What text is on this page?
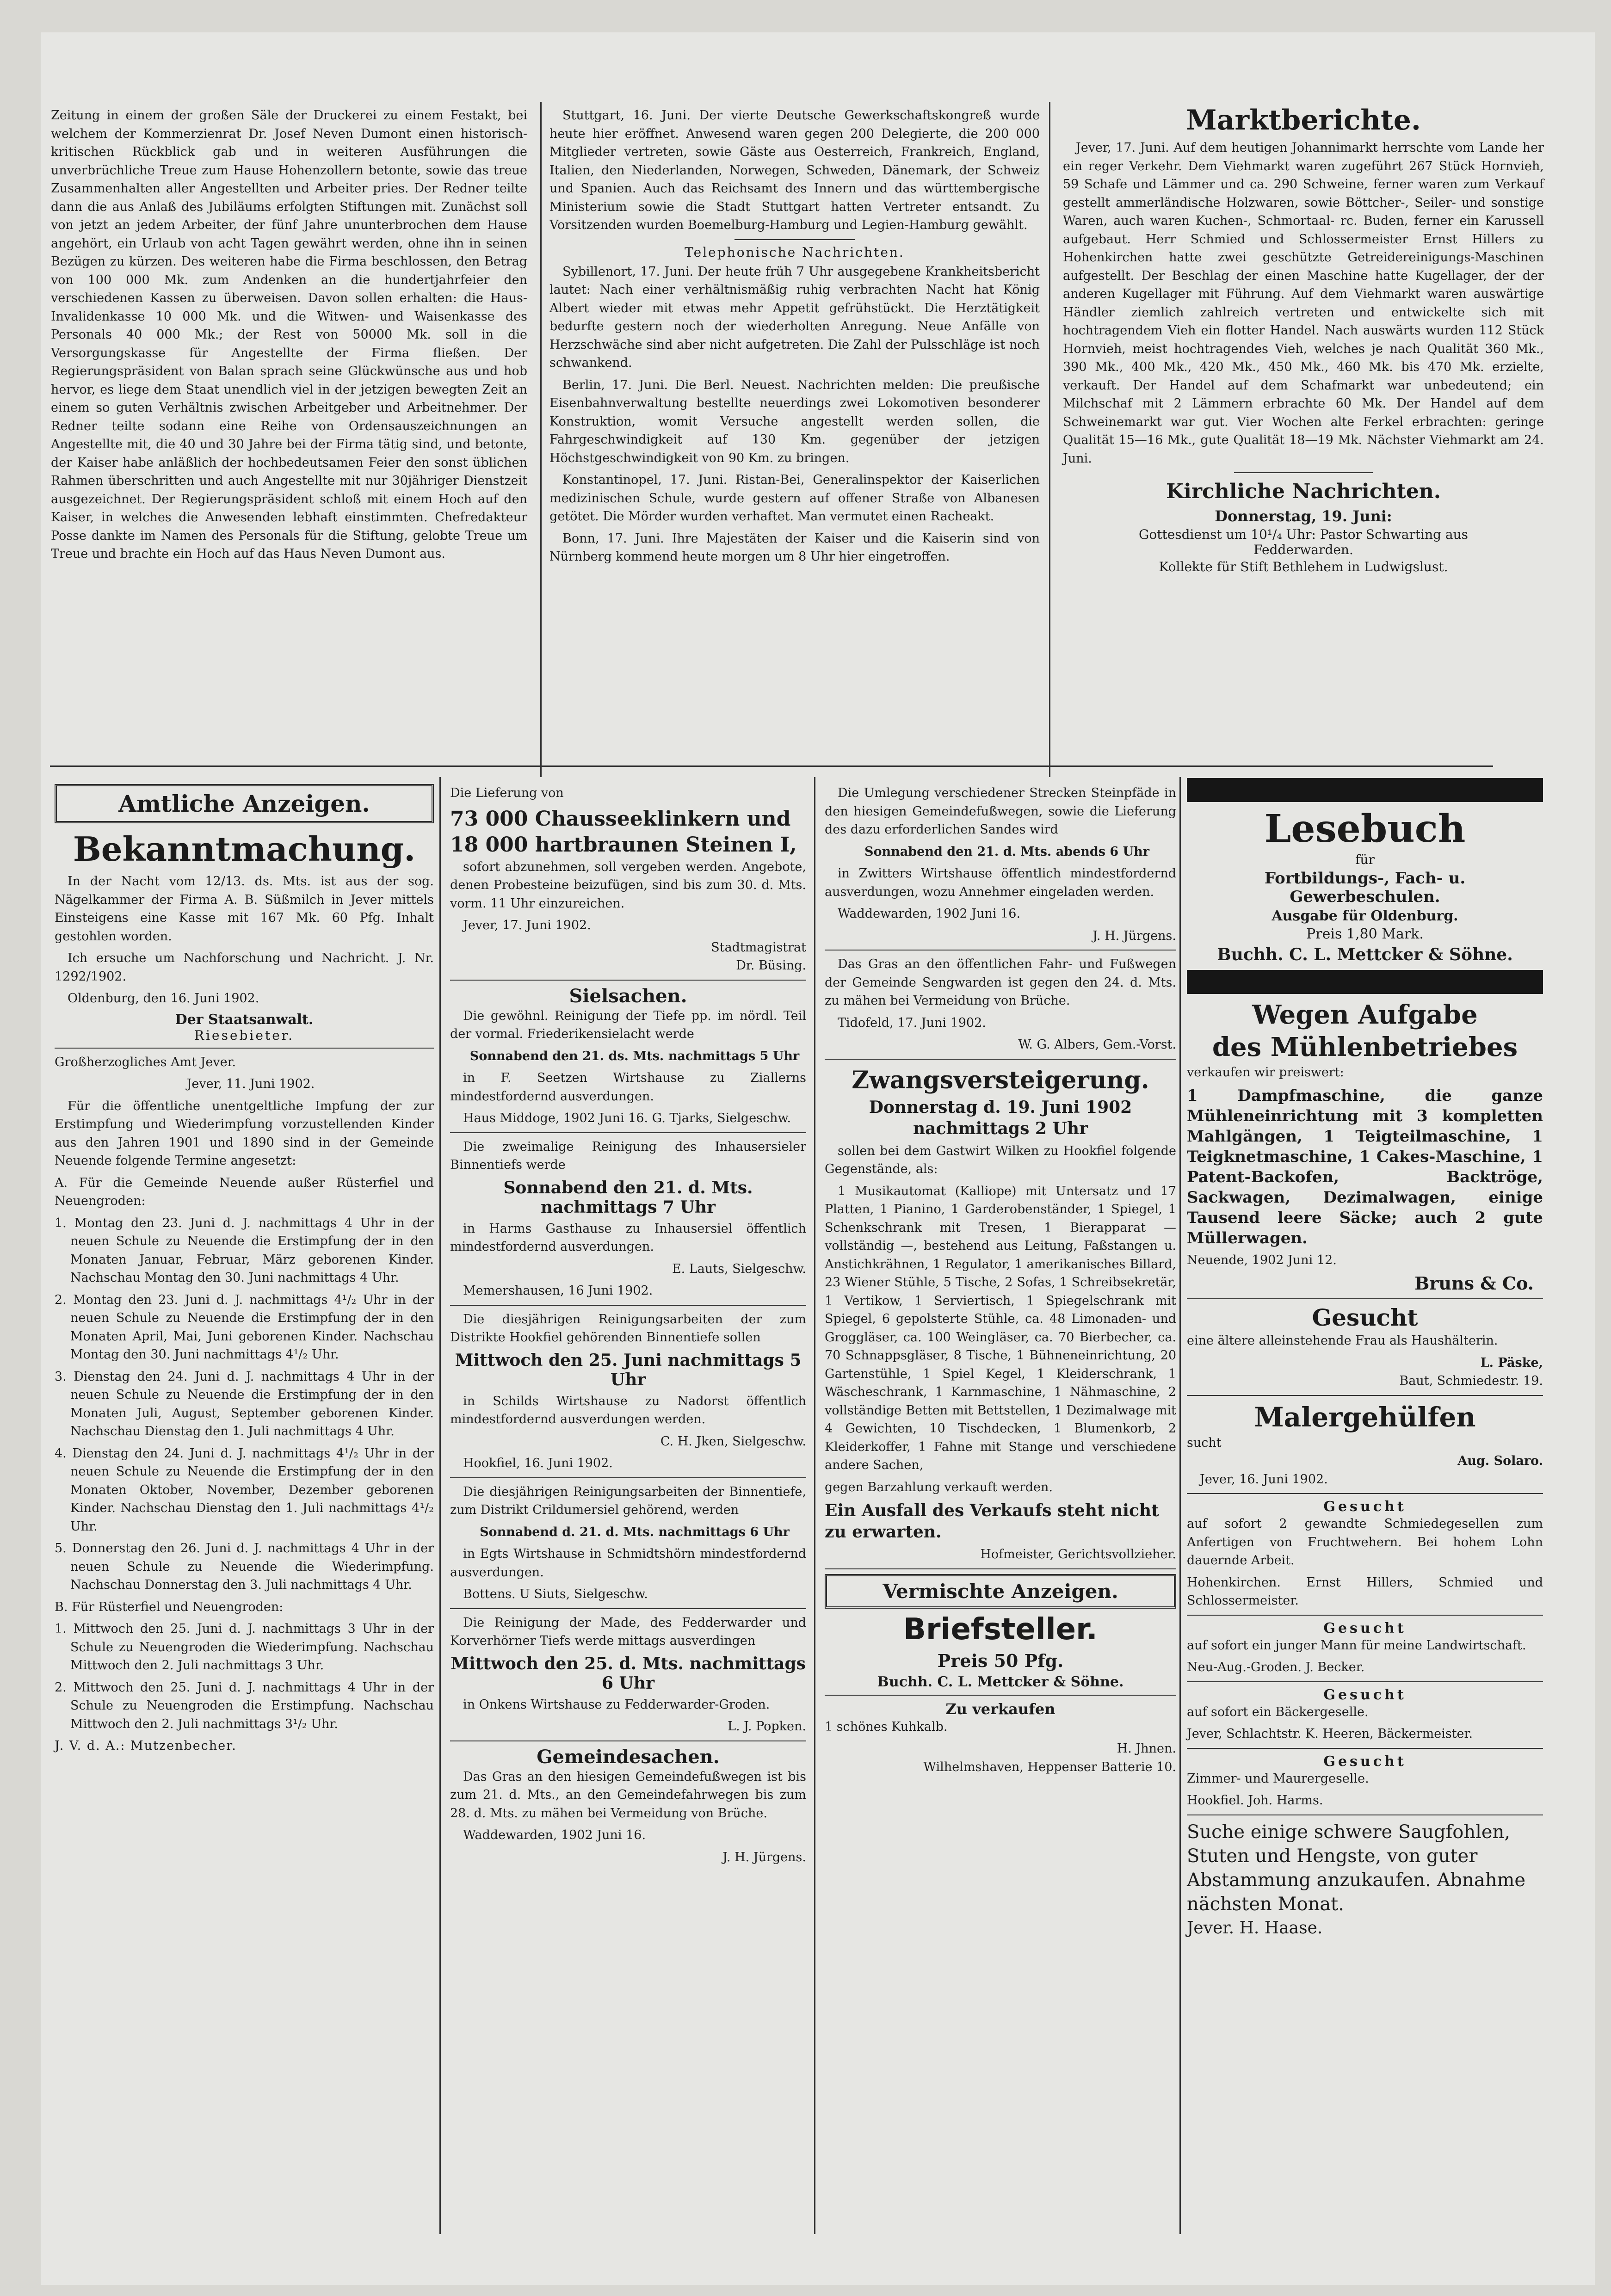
Zeitung in einem der großen Säle der Druckerei zu einem Festakt, bei welchem der Kommerzienrat Dr. Josef Neven Dumont einen historisch-kritischen Rückblick gab und in weiteren Ausführungen die unverbrüchliche Treue zum Hause Hohenzollern betonte, sowie das treue Zusammenhalten aller Angestellten und Arbeiter pries. Der Redner teilte dann die aus Anlaß des Jubiläums erfolgten Stiftungen mit. Zunächst soll von jetzt an jedem Arbeiter, der fünf Jahre ununterbrochen dem Hause angehört, ein Urlaub von acht Tagen gewährt werden, ohne ihn in seinen Bezügen zu kürzen. Des weiteren habe die Firma beschlossen, den Betrag von 100 000 Mk. zum Andenken an die hundertjahrfeier den verschiedenen Kassen zu überweisen. Davon sollen erhalten: die Haus-Invalidenkasse 10 000 Mk. und die Witwen- und Waisenkasse des Personals 40 000 Mk.; der Rest von 50000 Mk. soll in die Versorgungskasse für Angestellte der Firma fließen. Der Regierungspräsident von Balan sprach seine Glückwünsche aus und hob hervor, es liege dem Staat unendlich viel in der jetzigen bewegten Zeit an einem so guten Verhältnis zwischen Arbeitgeber und Arbeitnehmer. Der Redner teilte sodann eine Reihe von Ordensauszeichnungen an Angestellte mit, die 40 und 30 Jahre bei der Firma tätig sind, und betonte, der Kaiser habe anläßlich der hochbedeutsamen Feier den sonst üblichen Rahmen überschritten und auch Angestellte mit nur 30jähriger Dienstzeit ausgezeichnet. Der Regierungspräsident schloß mit einem Hoch auf den Kaiser, in welches die Anwesenden lebhaft einstimmten. Chefredakteur Posse dankte im Namen des Personals für die Stiftung, gelobte Treue um Treue und brachte ein Hoch auf das Haus Neven Dumont aus.

Stuttgart, 16. Juni. Der vierte Deutsche Gewerkschaftskongreß wurde heute hier eröffnet. Anwesend waren gegen 200 Delegierte, die 200 000 Mitglieder vertreten, sowie Gäste aus Oesterreich, Frankreich, England, Italien, den Niederlanden, Norwegen, Schweden, Dänemark, der Schweiz und Spanien. Auch das Reichsamt des Innern und das württembergische Ministerium sowie die Stadt Stuttgart hatten Vertreter entsandt. Zu Vorsitzenden wurden Boemelburg-Hamburg und Legien-Hamburg gewählt.

Telephonische Nachrichten.

Sybillenort, 17. Juni. Der heute früh 7 Uhr ausgegebene Krankheitsbericht lautet: Nach einer verhältnismäßig ruhig verbrachten Nacht hat König Albert wieder mit etwas mehr Appetit gefrühstückt. Die Herztätigkeit bedurfte gestern noch der wiederholten Anregung. Neue Anfälle von Herzschwäche sind aber nicht aufgetreten. Die Zahl der Pulsschläge ist noch schwankend.

Berlin, 17. Juni. Die Berl. Neuest. Nachrichten melden: Die preußische Eisenbahnverwaltung bestellte neuerdings zwei Lokomotiven besonderer Konstruktion, womit Versuche angestellt werden sollen, die Fahrgeschwindigkeit auf 130 Km. gegenüber der jetzigen Höchstgeschwindigkeit von 90 Km. zu bringen.

Konstantinopel, 17. Juni. Ristan-Bei, Generalinspektor der Kaiserlichen medizinischen Schule, wurde gestern auf offener Straße von Albanesen getötet. Die Mörder wurden verhaftet. Man vermutet einen Racheakt.

Bonn, 17. Juni. Ihre Majestäten der Kaiser und die Kaiserin sind von Nürnberg kommend heute morgen um 8 Uhr hier eingetroffen.

Marktberichte.

Jever, 17. Juni. Auf dem heutigen Johannimarkt herrschte vom Lande her ein reger Verkehr. Dem Viehmarkt waren zugeführt 267 Stück Hornvieh, 59 Schafe und Lämmer und ca. 290 Schweine, ferner waren zum Verkauf gestellt ammerländische Holzwaren, sowie Böttcher-, Seiler- und sonstige Waren, auch waren Kuchen-, Schmortaal- rc. Buden, ferner ein Karussell aufgebaut. Herr Schmied und Schlossermeister Ernst Hillers zu Hohenkirchen hatte zwei geschützte Getreidereinigungs-Maschinen aufgestellt. Der Beschlag der einen Maschine hatte Kugellager, der der anderen Kugellager mit Führung. Auf dem Viehmarkt waren auswärtige Händler ziemlich zahlreich vertreten und entwickelte sich mit hochtragendem Vieh ein flotter Handel. Nach auswärts wurden 112 Stück Hornvieh, meist hochtragendes Vieh, welches je nach Qualität 360 Mk., 390 Mk., 400 Mk., 420 Mk., 450 Mk., 460 Mk. bis 470 Mk. erzielte, verkauft. Der Handel auf dem Schafmarkt war unbedeutend; ein Milchschaf mit 2 Lämmern erbrachte 60 Mk. Der Handel auf dem Schweinemarkt war gut. Vier Wochen alte Ferkel erbrachten: geringe Qualität 15—16 Mk., gute Qualität 18—19 Mk. Nächster Viehmarkt am 24. Juni.

Kirchliche Nachrichten.

Donnerstag, 19. Juni:

Gottesdienst um 10¹/₄ Uhr: Pastor Schwarting aus Fedderwarden.

Kollekte für Stift Bethlehem in Ludwigslust.

Amtliche Anzeigen.

Bekanntmachung.

In der Nacht vom 12/13. ds. Mts. ist aus der sog. Nägelkammer der Firma A. B. Süßmilch in Jever mittels Einsteigens eine Kasse mit 167 Mk. 60 Pfg. Inhalt gestohlen worden.

Ich ersuche um Nachforschung und Nachricht. J. Nr. 1292/1902.

Oldenburg, den 16. Juni 1902.

Der Staatsanwalt.

Riesebieter.

Großherzogliches Amt Jever.

Jever, 11. Juni 1902.

Für die öffentliche unentgeltliche Impfung der zur Erstimpfung und Wiederimpfung vorzustellenden Kinder aus den Jahren 1901 und 1890 sind in der Gemeinde Neuende folgende Termine angesetzt:

A. Für die Gemeinde Neuende außer Rüsterfiel und Neuengroden:

1. Montag den 23. Juni d. J. nachmittags 4 Uhr in der neuen Schule zu Neuende die Erstimpfung der in den Monaten Januar, Februar, März geborenen Kinder. Nachschau Montag den 30. Juni nachmittags 4 Uhr.

2. Montag den 23. Juni d. J. nachmittags 4¹/₂ Uhr in der neuen Schule zu Neuende die Erstimpfung der in den Monaten April, Mai, Juni geborenen Kinder. Nachschau Montag den 30. Juni nachmittags 4¹/₂ Uhr.

3. Dienstag den 24. Juni d. J. nachmittags 4 Uhr in der neuen Schule zu Neuende die Erstimpfung der in den Monaten Juli, August, September geborenen Kinder. Nachschau Dienstag den 1. Juli nachmittags 4 Uhr.

4. Dienstag den 24. Juni d. J. nachmittags 4¹/₂ Uhr in der neuen Schule zu Neuende die Erstimpfung der in den Monaten Oktober, November, Dezember geborenen Kinder. Nachschau Dienstag den 1. Juli nachmittags 4¹/₂ Uhr.

5. Donnerstag den 26. Juni d. J. nachmittags 4 Uhr in der neuen Schule zu Neuende die Wiederimpfung. Nachschau Donnerstag den 3. Juli nachmittags 4 Uhr.

B. Für Rüsterfiel und Neuengroden:

1. Mittwoch den 25. Juni d. J. nachmittags 3 Uhr in der Schule zu Neuengroden die Wiederimpfung. Nachschau Mittwoch den 2. Juli nachmittags 3 Uhr.

2. Mittwoch den 25. Juni d. J. nachmittags 4 Uhr in der Schule zu Neuengroden die Erstimpfung. Nachschau Mittwoch den 2. Juli nachmittags 3¹/₂ Uhr.

J. V. d. A.: Mutzenbecher.

Die Lieferung von

73 000 Chausseeklinkern und 18 000 hartbraunen Steinen I,

sofort abzunehmen, soll vergeben werden. Angebote, denen Probesteine beizufügen, sind bis zum 30. d. Mts. vorm. 11 Uhr einzureichen.

Jever, 17. Juni 1902.

Stadtmagistrat

Dr. Büsing.

Sielsachen.

Die gewöhnl. Reinigung der Tiefe pp. im nördl. Teil der vormal. Friederikensielacht werde

Sonnabend den 21. ds. Mts. nachmittags 5 Uhr

in F. Seetzen Wirtshause zu Ziallerns mindestfordernd ausverdungen.

Haus Middoge, 1902 Juni 16. G. Tjarks, Sielgeschw.

Die zweimalige Reinigung des Inhausersieler Binnentiefs werde

Sonnabend den 21. d. Mts. nachmittags 7 Uhr

in Harms Gasthause zu Inhausersiel öffentlich mindestfordernd ausverdungen.

E. Lauts, Sielgeschw.

Memershausen, 16 Juni 1902.

Die diesjährigen Reinigungsarbeiten der zum Distrikte Hookfiel gehörenden Binnentiefe sollen

Mittwoch den 25. Juni nachmittags 5 Uhr

in Schilds Wirtshause zu Nadorst öffentlich mindestfordernd ausverdungen werden.

C. H. Jken, Sielgeschw.

Hookfiel, 16. Juni 1902.

Die diesjährigen Reinigungsarbeiten der Binnentiefe, zum Distrikt Crildumersiel gehörend, werden

Sonnabend d. 21. d. Mts. nachmittags 6 Uhr

in Egts Wirtshause in Schmidtshörn mindestfordernd ausverdungen.

Bottens. U Siuts, Sielgeschw.

Die Reinigung der Made, des Fedderwarder und Korverhörner Tiefs werde mittags ausverdingen

Mittwoch den 25. d. Mts. nachmittags 6 Uhr

in Onkens Wirtshause zu Fedderwarder-Groden.

L. J. Popken.

Gemeindesachen.

Das Gras an den hiesigen Gemeindefußwegen ist bis zum 21. d. Mts., an den Gemeindefahrwegen bis zum 28. d. Mts. zu mähen bei Vermeidung von Brüche.

Waddewarden, 1902 Juni 16.

J. H. Jürgens.

Die Umlegung verschiedener Strecken Steinpfäde in den hiesigen Gemeindefußwegen, sowie die Lieferung des dazu erforderlichen Sandes wird

Sonnabend den 21. d. Mts. abends 6 Uhr

in Zwitters Wirtshause öffentlich mindestfordernd ausverdungen, wozu Annehmer eingeladen werden.

Waddewarden, 1902 Juni 16.

J. H. Jürgens.

Das Gras an den öffentlichen Fahr- und Fußwegen der Gemeinde Sengwarden ist gegen den 24. d. Mts. zu mähen bei Vermeidung von Brüche.

Tidofeld, 17. Juni 1902.

W. G. Albers, Gem.-Vorst.

Zwangsversteigerung.

Donnerstag d. 19. Juni 1902 nachmittags 2 Uhr

sollen bei dem Gastwirt Wilken zu Hookfiel folgende Gegenstände, als:

1 Musikautomat (Kalliope) mit Untersatz und 17 Platten, 1 Pianino, 1 Garderobenständer, 1 Spiegel, 1 Schenkschrank mit Tresen, 1 Bierapparat — vollständig —, bestehend aus Leitung, Faßstangen u. Anstichkrähnen, 1 Regulator, 1 amerikanisches Billard, 23 Wiener Stühle, 5 Tische, 2 Sofas, 1 Schreibsekretär, 1 Vertikow, 1 Serviertisch, 1 Spiegelschrank mit Spiegel, 6 gepolsterte Stühle, ca. 48 Limonaden- und Groggläser, ca. 100 Weingläser, ca. 70 Bierbecher, ca. 70 Schnappsgläser, 8 Tische, 1 Bühneneinrichtung, 20 Gartenstühle, 1 Spiel Kegel, 1 Kleiderschrank, 1 Wäscheschrank, 1 Karnmaschine, 1 Nähmaschine, 2 vollständige Betten mit Bettstellen, 1 Dezimalwage mit 4 Gewichten, 10 Tischdecken, 1 Blumenkorb, 2 Kleiderkoffer, 1 Fahne mit Stange und verschiedene andere Sachen,

gegen Barzahlung verkauft werden.

Ein Ausfall des Verkaufs steht nicht zu erwarten.

Hofmeister, Gerichtsvollzieher.

Vermischte Anzeigen.

Briefsteller.

Preis 50 Pfg.

Buchh. C. L. Mettcker & Söhne.

Zu verkaufen

1 schönes Kuhkalb.

H. Jhnen.

Wilhelmshaven, Heppenser Batterie 10.

Lesebuch

für

Fortbildungs-, Fach- u. Gewerbeschulen.

Ausgabe für Oldenburg.

Preis 1,80 Mark.

Buchh. C. L. Mettcker & Söhne.

Wegen Aufgabe

des Mühlenbetriebes

verkaufen wir preiswert:

1 Dampfmaschine, die ganze Mühleneinrichtung mit 3 kompletten Mahlgängen, 1 Teigteilmaschine, 1 Teigknetmaschine, 1 Cakes-Maschine, 1 Patent-Backofen, Backtröge, Sackwagen, Dezimalwagen, einige Tausend leere Säcke; auch 2 gute Müllerwagen.

Neuende, 1902 Juni 12.

Bruns & Co.

Gesucht

eine ältere alleinstehende Frau als Haushälterin.

L. Päske,

Baut, Schmiedestr. 19.

Malergehülfen

sucht

Aug. Solaro.

Jever, 16. Juni 1902.

Gesucht

auf sofort 2 gewandte Schmiedegesellen zum Anfertigen von Fruchtwehern. Bei hohem Lohn dauernde Arbeit.

Hohenkirchen. Ernst Hillers, Schmied und Schlossermeister.

Gesucht

auf sofort ein junger Mann für meine Landwirtschaft.

Neu-Aug.-Groden. J. Becker.

Gesucht

auf sofort ein Bäckergeselle.

Jever, Schlachtstr. K. Heeren, Bäckermeister.

Gesucht

Zimmer- und Maurergeselle.

Hookfiel. Joh. Harms.

Suche einige schwere Saugfohlen, Stuten und Hengste, von guter Abstammung anzukaufen. Abnahme nächsten Monat.

Jever. H. Haase.
